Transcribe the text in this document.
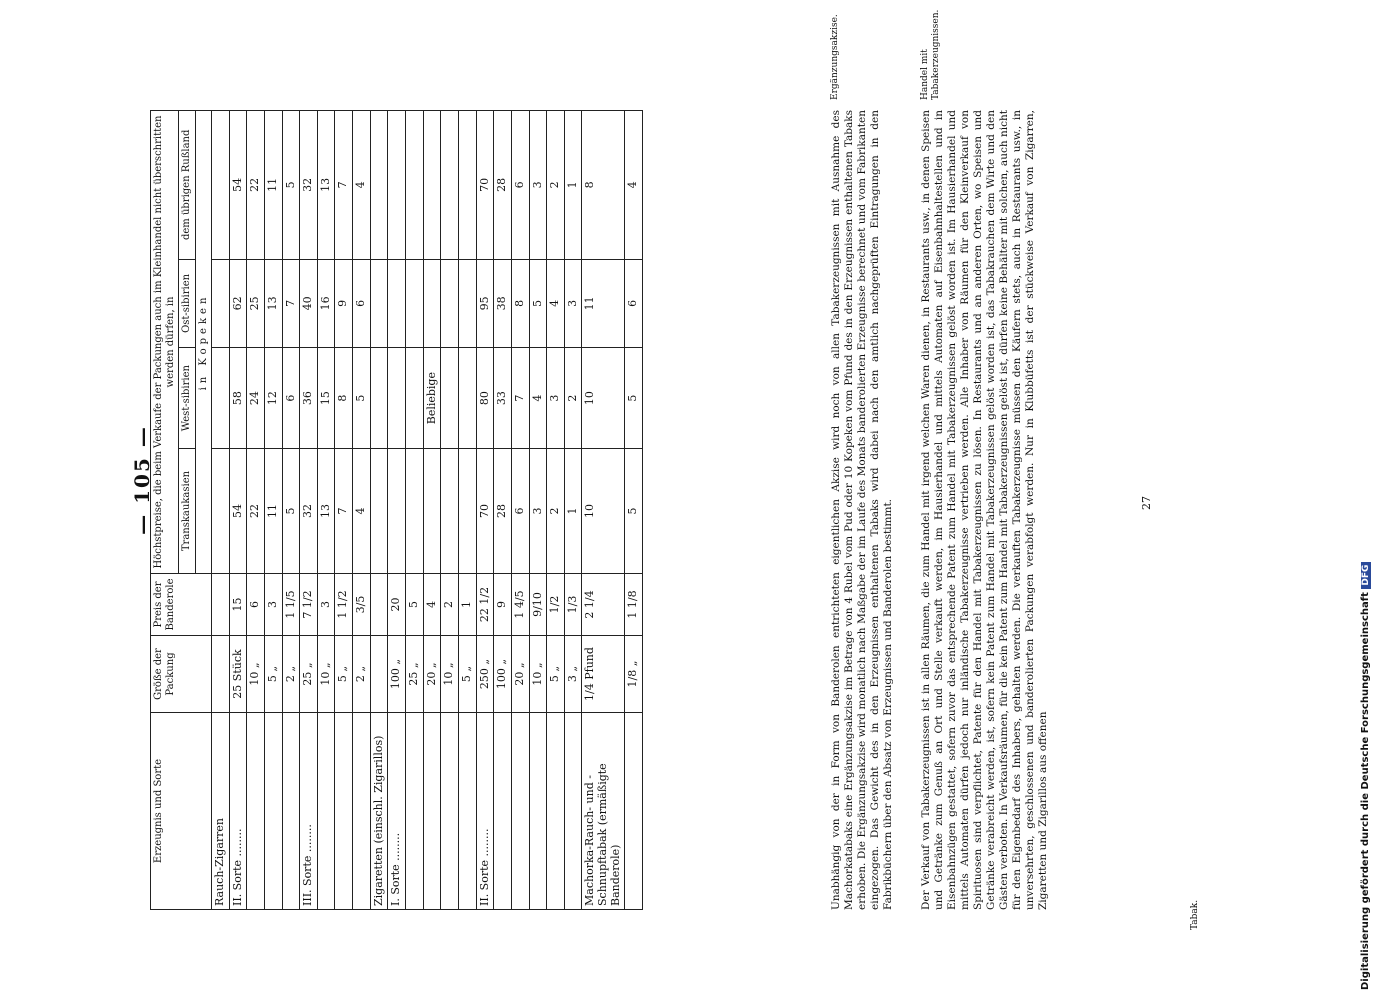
— 105 —
Erzeugnis und Sorte	Größe der Packung	Preis der Banderole	Höchstpreise, die beim Verkaufe der Packungen auch im Kleinhandel nicht überschritten werden dürfen, in			
			Transkaukasien	West-sibirien	Ost-sibirien	dem übrigen Rußland
			in Kopeken			
Rauch-Zigarren						
II. Sorte ........	25 Stück	15	54	58	62	54
	10 „	6	22	24	25	22
	5 „	3	11	12	13	11
	2 „	1 1/5	5	6	7	5
III. Sorte ........	25 „	7 1/2	32	36	40	32
	10 „	3	13	15	16	13
	5 „	1 1/2	7	8	9	7
	2 „	3/5	4	5	6	4
Zigaretten (einschl. Zigarillos)						
I. Sorte ........	100 „	20				
	25 „	5				
	20 „	4		Beliebige		
	10 „	2				
	5 „	1				
II. Sorte ........	250 „	22 1/2	70	80	95	70
	100 „	9	28	33	38	28
	20 „	1 4/5	6	7	8	6
	10 „	9/10	3	4	5	3
	5 „	1/2	2	3	4	2
	3 „	1/3	1	2	3	1
Machorka-Rauch- und -Schnupftabak (ermäßigte Banderole)	1/4 Pfund	2 1/4	10	10	11	8
	1/8 „	1 1/8	5	5	6	4	Unabhängig von der in Form von Banderolen entrichteten eigentlichen Akzise wird noch von allen Tabakerzeugnissen mit Ausnahme des Machorkatabaks eine Ergänzungsakzise im Betrage von 4 Rubel vom Pud oder 10 Kopeken vom Pfund des in den Erzeugnissen enthaltenen Tabaks erhoben. Die Ergänzungsakzise wird monatlich nach Maßgabe der im Laufe des Monats banderolierten Erzeugnisse berechnet und vom Fabrikanten eingezogen. Das Gewicht des in den Erzeugnissen enthaltenen Tabaks wird dabei nach den amtlich nachgeprüften Eintragungen in den Fabrikbüchern über den Absatz von Erzeugnissen und Banderolen bestimmt.
Ergänzungsakzise.
Der Verkauf von Tabakerzeugnissen ist in allen Räumen, die zum Handel mit irgend welchen Waren dienen, in Restaurants usw., in denen Speisen und Getränke zum Genuß an Ort und Stelle verkauft werden, im Hausierhandel und mittels Automaten auf Eisenbahnhaltestellen und in Eisenbahnzügen gestattet, sofern zuvor das entsprechende Patent zum Handel mit Tabakerzeugnissen gelöst worden ist. Im Hausierhandel und mittels Automaten dürfen jedoch nur inländische Tabakerzeugnisse vertrieben werden. Alle Inhaber von Räumen für den Kleinverkauf von Spirituosen sind verpflichtet, Patente für den Handel mit Tabakerzeugnissen zu lösen. In Restaurants und an anderen Orten, wo Speisen und Getränke verabreicht werden, ist, sofern kein Patent zum Handel mit Tabakerzeugnissen gelöst worden ist, das Tabakrauchen dem Wirte und den Gästen verboten. In Verkaufsräumen, für die kein Patent zum Handel mit Tabakerzeugnissen gelöst ist, dürfen keine Behälter mit solchen, auch nicht für den Eigenbedarf des Inhabers, gehalten werden. Die verkauften Tabakerzeugnisse müssen den Käufern stets, auch in Restaurants usw., in unversehrten, geschlossenen und banderolierten Packungen verabfolgt werden. Nur in Klubbüfetts ist der stückweise Verkauf von Zigarren, Zigaretten und Zigarillos aus offenen
Handel mit Tabakerzeugnissen.
27
Tabak.	Digitalisierung gefördert durch die Deutsche Forschungsgemeinschaft DFG
